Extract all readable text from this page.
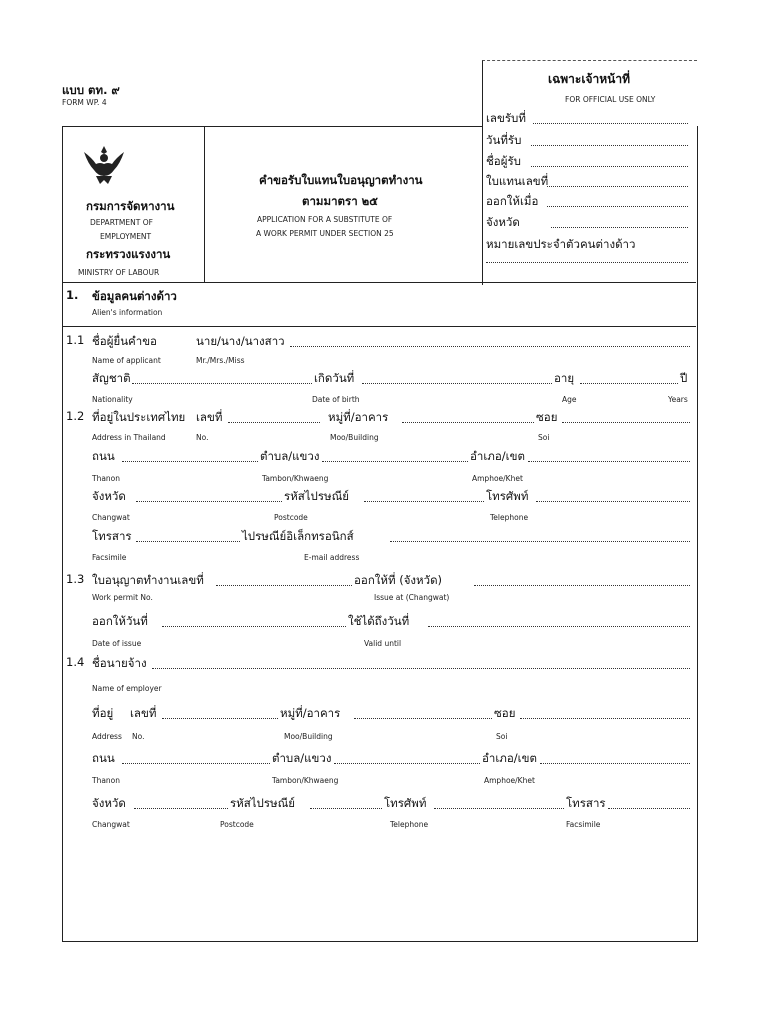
แบบ ตท. ๙
FORM WP. 4
เฉพาะเจ้าหน้าที่
FOR OFFICIAL USE ONLY
เลขรับที่
วันที่รับ
ชื่อผู้รับ
ใบแทนเลขที่
ออกให้เมื่อ
จังหวัด
หมายเลขประจำตัวคนต่างด้าว
กรมการจัดหางาน
DEPARTMENT OF
EMPLOYMENT
กระทรวงแรงงาน
MINISTRY OF LABOUR
คำขอรับใบแทนใบอนุญาตทำงาน
ตามมาตรา ๒๕
APPLICATION FOR A SUBSTITUTE OF
A WORK PERMIT UNDER SECTION 25
1. ข้อมูลคนต่างด้าว
Alien's information
1.1 ชื่อผู้ยื่นคำขอ	นาย/นาง/นางสาว
Name of applicant	Mr./Mrs./Miss
สัญชาติ	เกิดวันที่	อายุ	ปี
Nationality	Date of birth	Age	Years
1.2 ที่อยู่ในประเทศไทย เลขที่	หมู่ที่/อาคาร	ซอย
Address in Thailand	No.	Moo/Building	Soi
ถนน	ตำบล/แขวง	อำเภอ/เขต
Thanon	Tambon/Khwaeng	Amphoe/Khet
จังหวัด	รหัสไปรษณีย์	โทรศัพท์
Changwat	Postcode	Telephone
โทรสาร	ไปรษณีย์อิเล็กทรอนิกส์
Facsimile	E-mail address
1.3 ใบอนุญาตทำงานเลขที่	ออกให้ที่ (จังหวัด)
Work permit No.	Issue at (Changwat)
ออกให้วันที่	ใช้ได้ถึงวันที่
Date of issue	Valid until
1.4 ชื่อนายจ้าง
Name of employer
ที่อยู่ เลขที่	หมู่ที่/อาคาร	ซอย
Address No.	Moo/Building	Soi
ถนน	ตำบล/แขวง	อำเภอ/เขต
Thanon	Tambon/Khwaeng	Amphoe/Khet
จังหวัด	รหัสไปรษณีย์	โทรศัพท์	โทรสาร
Changwat	Postcode	Telephone	Facsimile
